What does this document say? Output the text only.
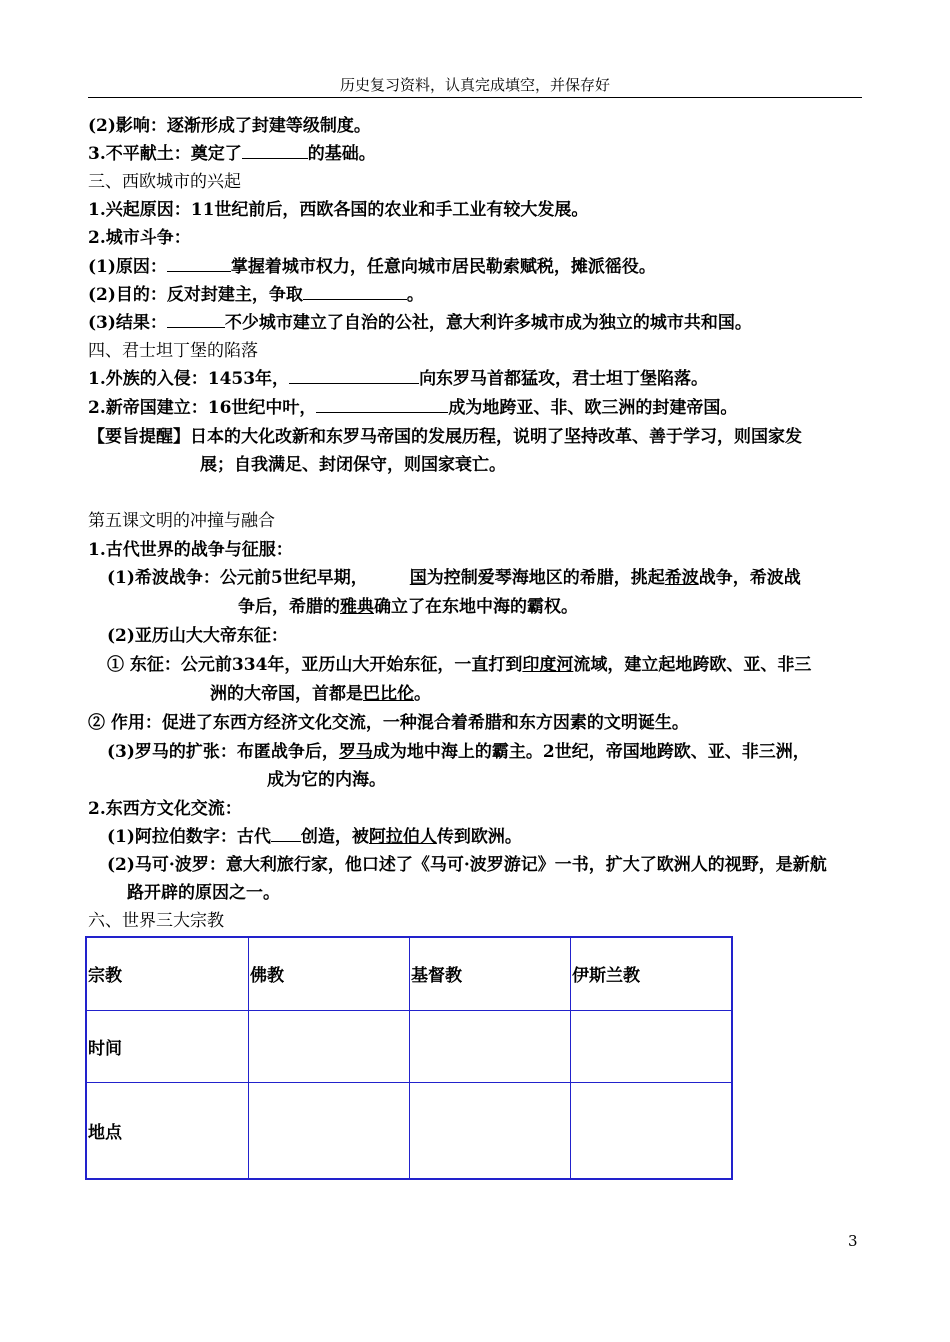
历史复习资料，认真完成填空，并保存好
(2)影响：逐渐形成了封建等级制度。
3.不平献土：奠定了	的基础。
三、西欧城市的兴起
1.兴起原因：11世纪前后，西欧各国的农业和手工业有较大发展。
2.城市斗争：
(1)原因：	掌握着城市权力，任意向城市居民勒索赋税，摊派徭役。
(2)目的：反对封建主，争取	。
(3)结果：	不少城市建立了自治的公社，意大利许多城市成为独立的城市共和国。
四、君士坦丁堡的陷落
1.外族的入侵：1453年，	向东罗马首都猛攻，君士坦丁堡陷落。
2.新帝国建立：16世纪中叶，	成为地跨亚、非、欧三洲的封建帝国。
【要旨提醒】日本的大化改新和东罗马帝国的发展历程，说明了坚持改革、善于学习，则国家发
展；自我满足、封闭保守，则国家衰亡。
第五课文明的冲撞与融合
1.古代世界的战争与征服：
(1)希波战争：公元前5世纪早期， 国为控制爱琴海地区的希腊，挑起希波战争，希波战
争后，希腊的雅典确立了在东地中海的霸权。
(2)亚历山大大帝东征：
① 东征：公元前334年，亚历山大开始东征，一直打到印度河流域，建立起地跨欧、亚、非三
洲的大帝国，首都是巴比伦。
② 作用：促进了东西方经济文化交流，一种混合着希腊和东方因素的文明诞生。
(3)罗马的扩张：布匿战争后，罗马成为地中海上的霸主。2世纪，帝国地跨欧、亚、非三洲，
成为它的内海。
2.东西方文化交流：
(1)阿拉伯数字：古代 创造，被阿拉伯人传到欧洲。
(2)马可·波罗：意大利旅行家，他口述了《马可·波罗游记》一书，扩大了欧洲人的视野，是新航
路开辟的原因之一。
六、世界三大宗教
宗教	佛教	基督教	伊斯兰教
时间			
地点			
3
